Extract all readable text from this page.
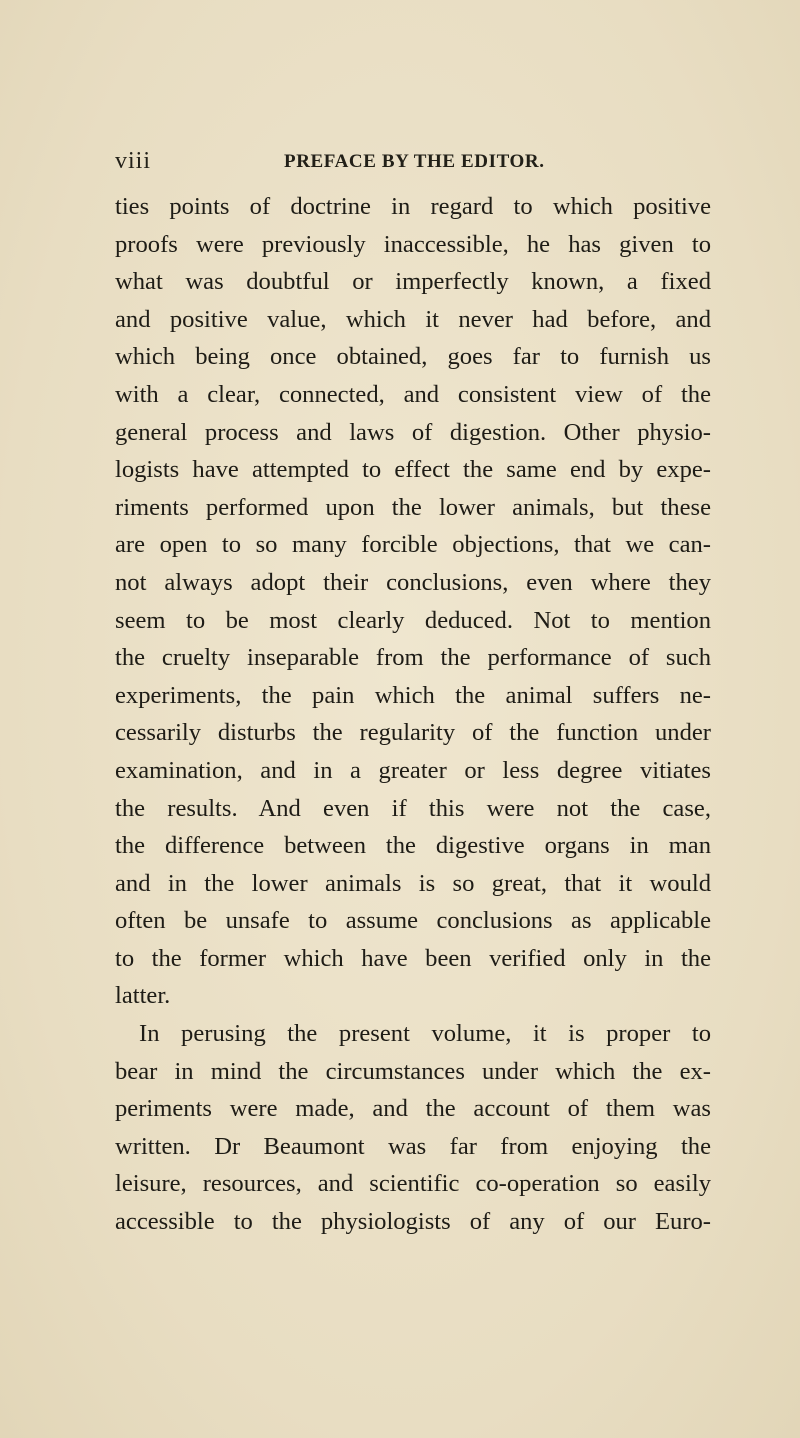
viii	PREFACE BY THE EDITOR.
ties points of doctrine in regard to which positive
proofs were previously inaccessible, he has given to
what was doubtful or imperfectly known, a fixed
and positive value, which it never had before, and
which being once obtained, goes far to furnish us
with a clear, connected, and consistent view of the
general process and laws of digestion. Other physio-
logists have attempted to effect the same end by expe-
riments performed upon the lower animals, but these
are open to so many forcible objections, that we can-
not always adopt their conclusions, even where they
seem to be most clearly deduced. Not to mention
the cruelty inseparable from the performance of such
experiments, the pain which the animal suffers ne-
cessarily disturbs the regularity of the function under
examination, and in a greater or less degree vitiates
the results. And even if this were not the case,
the difference between the digestive organs in man
and in the lower animals is so great, that it would
often be unsafe to assume conclusions as applicable
to the former which have been verified only in the
latter.
In perusing the present volume, it is proper to
bear in mind the circumstances under which the ex-
periments were made, and the account of them was
written. Dr Beaumont was far from enjoying the
leisure, resources, and scientific co-operation so easily
accessible to the physiologists of any of our Euro-
